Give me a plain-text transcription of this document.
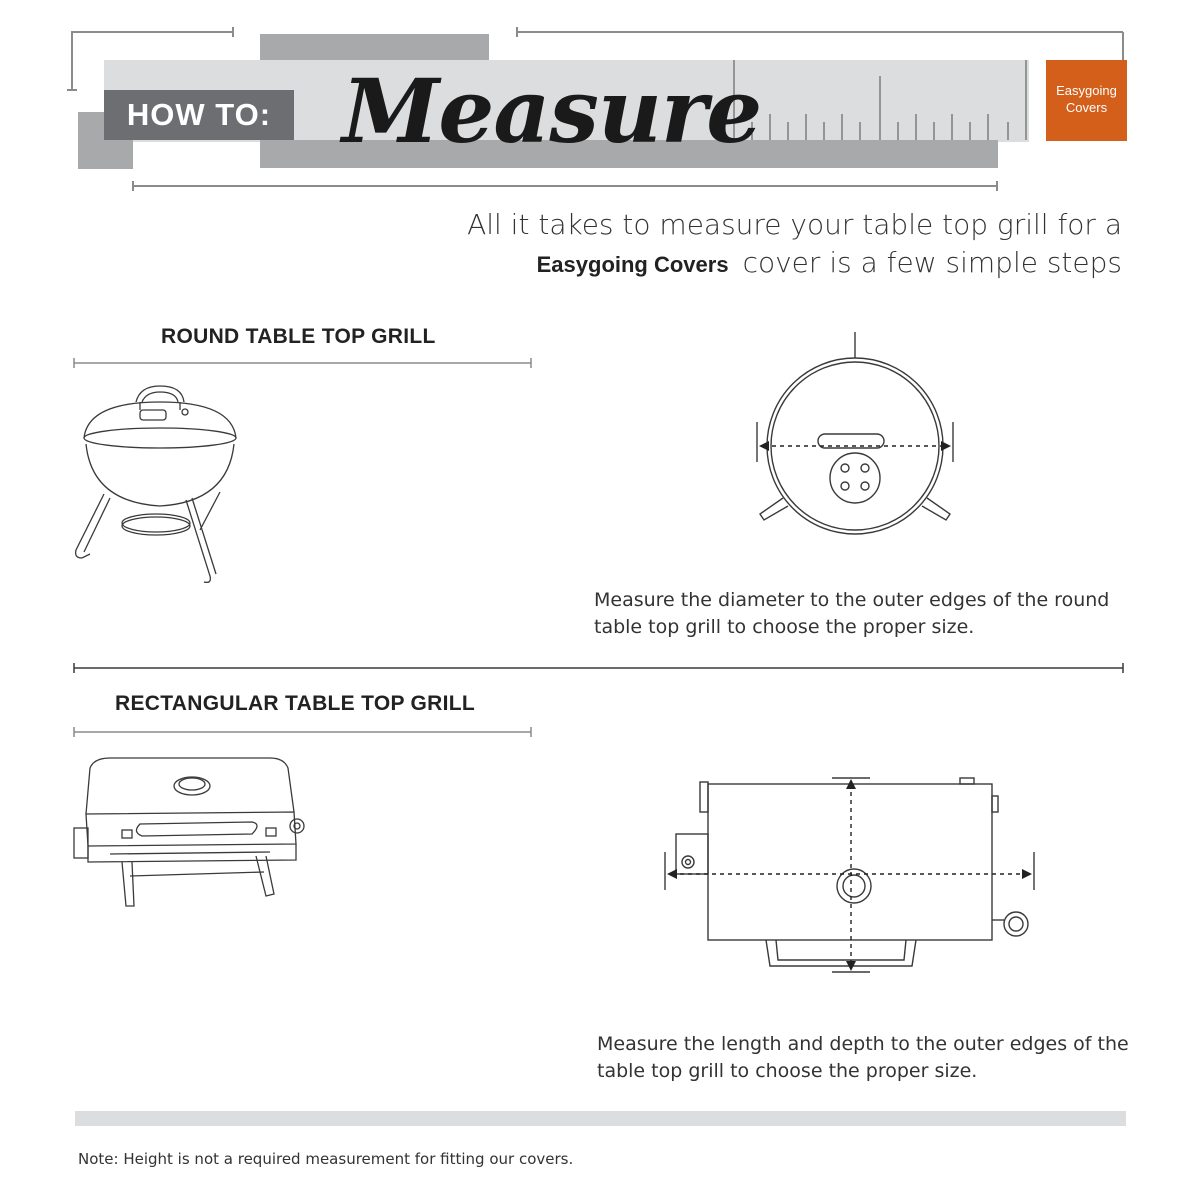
HOW TO: Measure	Easygoing
Covers
All it takes to measure your table top grill for a
Easygoing Covers cover is a few simple steps
ROUND TABLE TOP GRILL
Measure the diameter to the outer edges of the round
table top grill to choose the proper size.
RECTANGULAR TABLE TOP GRILL
Measure the length and depth to the outer edges of the
table top grill to choose the proper size.
Note: Height is not a required measurement for fitting our covers.
